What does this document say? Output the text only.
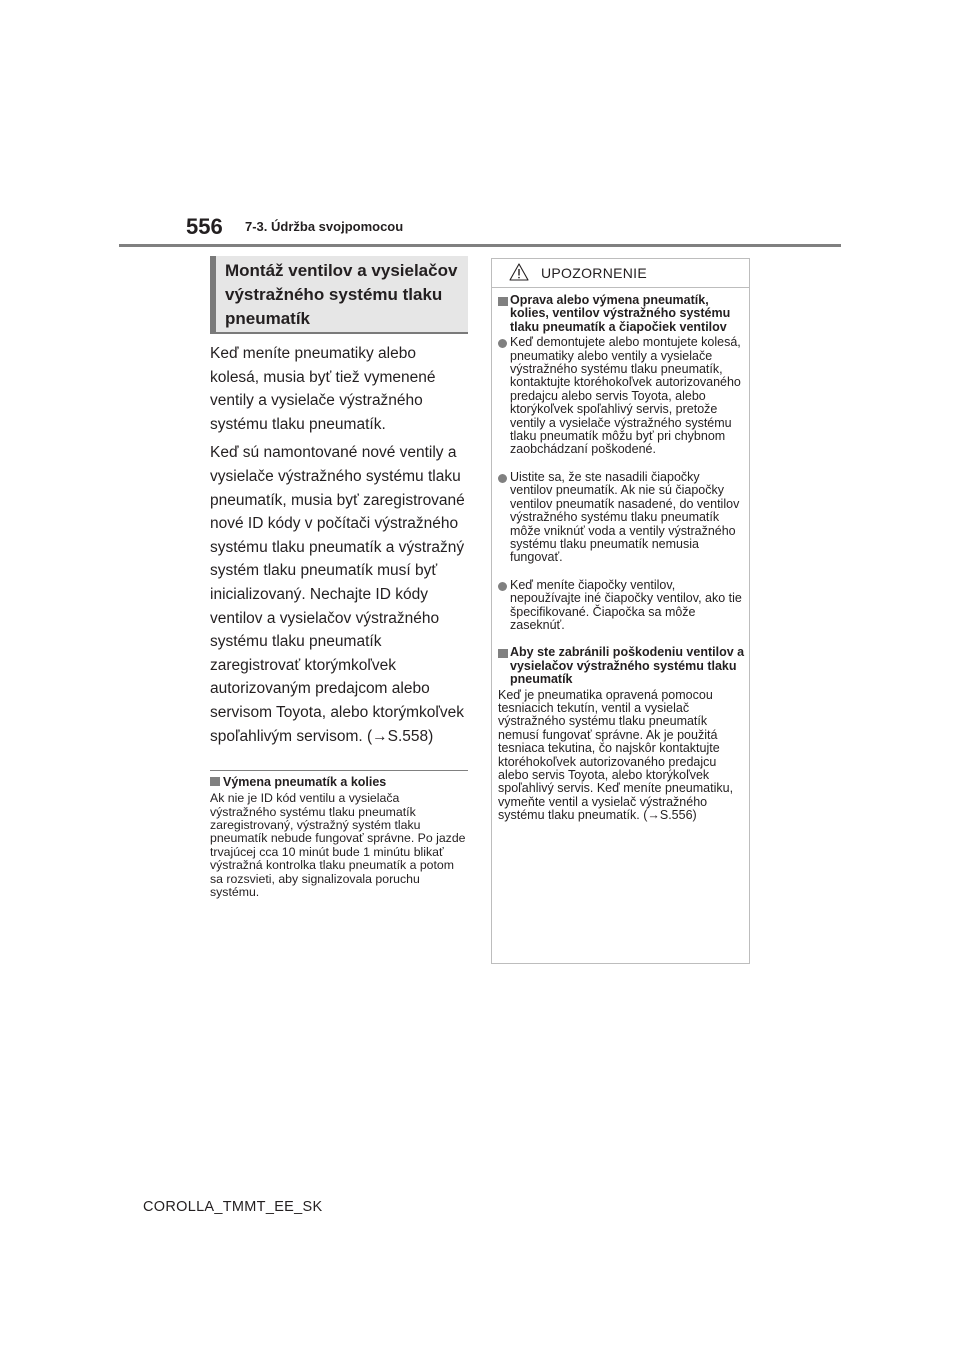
556 7-3. Údržba svojpomocou
Montáž ventilov a vysielačov výstražného systému tlaku pneumatík

Keď meníte pneumatiky alebo kolesá, musia byť tiež vymenené ventily a vysielače výstražného systému tlaku pneumatík.

Keď sú namontované nové ventily a vysielače výstražného systému tlaku pneumatík, musia byť zaregistrované nové ID kódy v počítači výstražného systému tlaku pneumatík a výstražný systém tlaku pneumatík musí byť inicializovaný. Nechajte ID kódy ventilov a vysielačov výstražného systému tlaku pneumatík zaregistrovať ktorýmkoľvek autorizovaným predajcom alebo servisom Toyota, alebo ktorýmkoľvek spoľahlivým servisom. (→S.558)

Výmena pneumatík a kolies
Ak nie je ID kód ventilu a vysielača výstražného systému tlaku pneumatík zaregistrovaný, výstražný systém tlaku pneumatík nebude fungovať správne. Po jazde trvajúcej cca 10 minút bude 1 minútu blikať výstražná kontrolka tlaku pneumatík a potom sa rozsvieti, aby signalizovala poruchu systému.
UPOZORNENIE
Oprava alebo výmena pneumatík, kolies, ventilov výstražného systému tlaku pneumatík a čiapočiek ventilov
Keď demontujete alebo montujete kolesá, pneumatiky alebo ventily a vysielače výstražného systému tlaku pneumatík, kontaktujte ktoréhokoľvek autorizovaného predajcu alebo servis Toyota, alebo ktorýkoľvek spoľahlivý servis, pretože ventily a vysielače výstražného systému tlaku pneumatík môžu byť pri chybnom zaobchádzaní poškodené.
Uistite sa, že ste nasadili čiapočky ventilov pneumatík. Ak nie sú čiapočky ventilov pneumatík nasadené, do ventilov výstražného systému tlaku pneumatík môže vniknúť voda a ventily výstražného systému tlaku pneumatík nemusia fungovať.
Keď meníte čiapočky ventilov, nepoužívajte iné čiapočky ventilov, ako tie špecifikované. Čiapočka sa môže zaseknúť.
Aby ste zabránili poškodeniu ventilov a vysielačov výstražného systému tlaku pneumatík
Keď je pneumatika opravená pomocou tesniacich tekutín, ventil a vysielač výstražného systému tlaku pneumatík nemusí fungovať správne. Ak je použitá tesniaca tekutina, čo najskôr kontaktujte ktoréhokoľvek autorizovaného predajcu alebo servis Toyota, alebo ktorýkoľvek spoľahlivý servis. Keď meníte pneumatiku, vymeňte ventil a vysielač výstražného systému tlaku pneumatík. (→S.556)
COROLLA_TMMT_EE_SK
